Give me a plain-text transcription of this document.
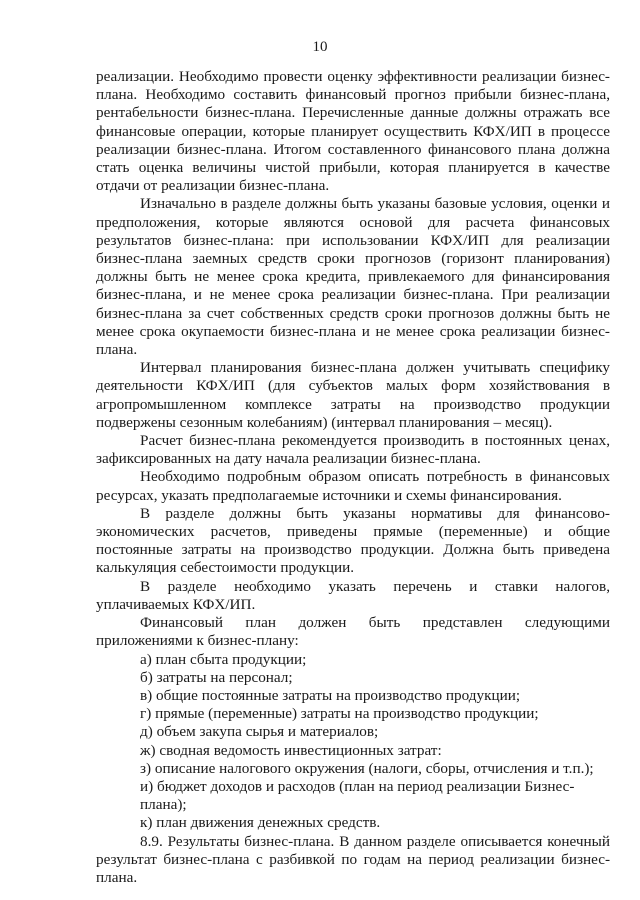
10

реализации. Необходимо провести оценку эффективности реализации бизнес-плана. Необходимо составить финансовый прогноз прибыли бизнес-плана, рентабельности бизнес-плана. Перечисленные данные должны отражать все финансовые операции, которые планирует осуществить КФХ/ИП в процессе реализации бизнес-плана. Итогом составленного финансового плана должна стать оценка величины чистой прибыли, которая планируется в качестве отдачи от реализации бизнес-плана.

Изначально в разделе должны быть указаны базовые условия, оценки и предположения, которые являются основой для расчета финансовых результатов бизнес-плана: при использовании КФХ/ИП для реализации бизнес-плана заемных средств сроки прогнозов (горизонт планирования) должны быть не менее срока кредита, привлекаемого для финансирования бизнес-плана, и не менее срока реализации бизнес-плана. При реализации бизнес-плана за счет собственных средств сроки прогнозов должны быть не менее срока окупаемости бизнес-плана и не менее срока реализации бизнес-плана.

Интервал планирования бизнес-плана должен учитывать специфику деятельности КФХ/ИП (для субъектов малых форм хозяйствования в агропромышленном комплексе затраты на производство продукции подвержены сезонным колебаниям) (интервал планирования – месяц).

Расчет бизнес-плана рекомендуется производить в постоянных ценах, зафиксированных на дату начала реализации бизнес-плана.

Необходимо подробным образом описать потребность в финансовых ресурсах, указать предполагаемые источники и схемы финансирования.

В разделе должны быть указаны нормативы для финансово-экономических расчетов, приведены прямые (переменные) и общие постоянные затраты на производство продукции. Должна быть приведена калькуляция себестоимости продукции.

В разделе необходимо указать перечень и ставки налогов, уплачиваемых КФХ/ИП.

Финансовый план должен быть представлен следующими приложениями к бизнес-плану:

а) план сбыта продукции;

б) затраты на персонал;

в) общие постоянные затраты на производство продукции;

г) прямые (переменные) затраты на производство продукции;

д) объем закупа сырья и материалов;

ж) сводная ведомость инвестиционных затрат:

з) описание налогового окружения (налоги, сборы, отчисления и т.п.);

и) бюджет доходов и расходов (план на период реализации Бизнес-плана);

к) план движения денежных средств.

8.9. Результаты бизнес-плана. В данном разделе описывается конечный результат бизнес-плана с разбивкой по годам на период реализации бизнес-плана.
